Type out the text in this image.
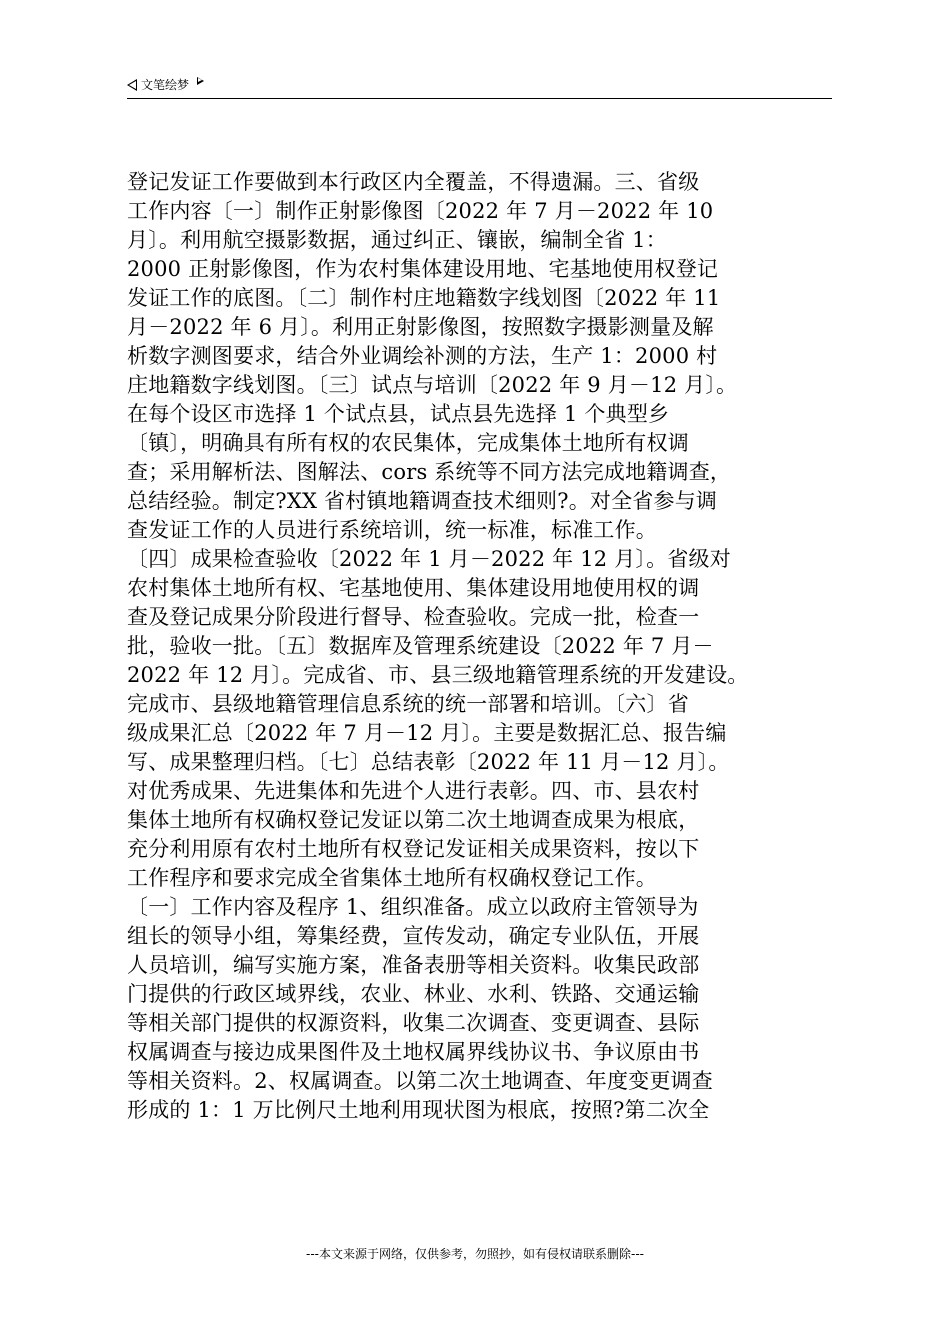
文笔绘梦
登记发证工作要做到本行政区内全覆盖，不得遗漏。三、省级
工作内容〔一〕制作正射影像图〔2022 年 7 月－2022 年 10
月〕。利用航空摄影数据，通过纠正、镶嵌，编制全省 1：
2000 正射影像图，作为农村集体建设用地、宅基地使用权登记
发证工作的底图。〔二〕制作村庄地籍数字线划图〔2022 年 11
月－2022 年 6 月〕。利用正射影像图，按照数字摄影测量及解
析数字测图要求，结合外业调绘补测的方法，生产 1：2000 村
庄地籍数字线划图。〔三〕试点与培训〔2022 年 9 月－12 月〕。
在每个设区市选择 1 个试点县，试点县先选择 1 个典型乡
〔镇〕，明确具有所有权的农民集体，完成集体土地所有权调
查；采用解析法、图解法、cors 系统等不同方法完成地籍调查，
总结经验。制定?XX 省村镇地籍调查技术细则?。对全省参与调
查发证工作的人员进行系统培训，统一标准，标准工作。
〔四〕成果检查验收〔2022 年 1 月－2022 年 12 月〕。省级对
农村集体土地所有权、宅基地使用、集体建设用地使用权的调
查及登记成果分阶段进行督导、检查验收。完成一批，检查一
批，验收一批。〔五〕数据库及管理系统建设〔2022 年 7 月－
2022 年 12 月〕。完成省、市、县三级地籍管理系统的开发建设。
完成市、县级地籍管理信息系统的统一部署和培训。〔六〕省
级成果汇总〔2022 年 7 月－12 月〕。主要是数据汇总、报告编
写、成果整理归档。〔七〕总结表彰〔2022 年 11 月－12 月〕。
对优秀成果、先进集体和先进个人进行表彰。四、市、县农村
集体土地所有权确权登记发证以第二次土地调查成果为根底，
充分利用原有农村土地所有权登记发证相关成果资料，按以下
工作程序和要求完成全省集体土地所有权确权登记工作。
〔一〕工作内容及程序 1、组织准备。成立以政府主管领导为
组长的领导小组，筹集经费，宣传发动，确定专业队伍，开展
人员培训，编写实施方案，准备表册等相关资料。收集民政部
门提供的行政区域界线，农业、林业、水利、铁路、交通运输
等相关部门提供的权源资料，收集二次调查、变更调查、县际
权属调查与接边成果图件及土地权属界线协议书、争议原由书
等相关资料。2、权属调查。以第二次土地调查、年度变更调查
形成的 1：1 万比例尺土地利用现状图为根底，按照?第二次全
---本文来源于网络，仅供参考，勿照抄，如有侵权请联系删除---
